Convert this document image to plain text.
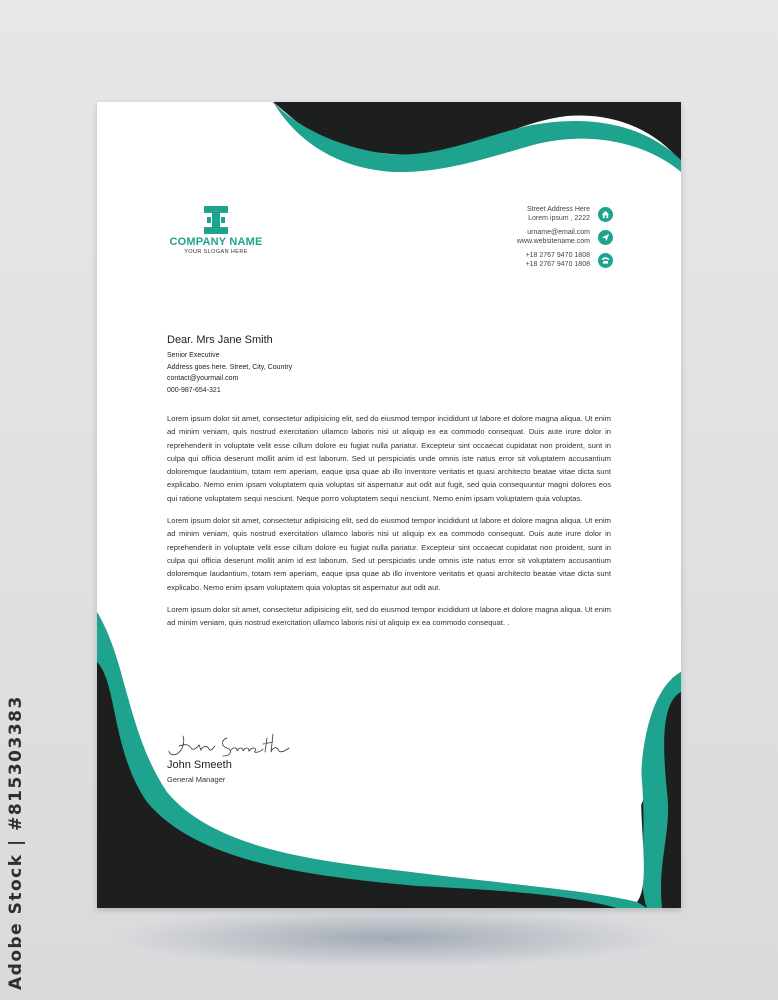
Adobe Stock | #815303383
COMPANY NAME
YOUR SLOGAN HERE
Street Address Here
Lorem ipsum , 2222
urname@email.com
www.websitename.com
+18 2767 9470 1808
+18 2767 9470 1808
Dear. Mrs Jane Smith
Senior Executive
Address goes here. Street, City, Country
contact@yourmail.com
000-987-654-321

Lorem ipsum dolor sit amet, consectetur adipisicing elit, sed do eiusmod tempor incididunt ut labore et dolore magna aliqua. Ut enim ad minim veniam, quis nostrud exercitation ullamco laboris nisi ut aliquip ex ea commodo consequat. Duis aute irure dolor in reprehenderit in voluptate velit esse cillum dolore eu fugiat nulla pariatur. Excepteur sint occaecat cupidatat non proident, sunt in culpa qui officia deserunt mollit anim id est laborum. Sed ut perspiciatis unde omnis iste natus error sit voluptatem accusantium doloremque laudantium, totam rem aperiam, eaque ipsa quae ab illo inventore veritatis et quasi architecto beatae vitae dicta sunt explicabo. Nemo enim ipsam voluptatem quia voluptas sit aspernatur aut odit aut fugit, sed quia consequuntur magni dolores eos qui ratione voluptatem sequi nesciunt. Neque porro voluptatem sequi nesciunt. Nemo enim ipsam voluptatem quia voluptas.

Lorem ipsum dolor sit amet, consectetur adipisicing elit, sed do eiusmod tempor incididunt ut labore et dolore magna aliqua. Ut enim ad minim veniam, quis nostrud exercitation ullamco laboris nisi ut aliquip ex ea commodo consequat. Duis aute irure dolor in reprehenderit in voluptate velit esse cillum dolore eu fugiat nulla pariatur. Excepteur sint occaecat cupidatat non proident, sunt in culpa qui officia deserunt mollit anim id est laborum. Sed ut perspiciatis unde omnis iste natus error sit voluptatem accusantium doloremque laudantium, totam rem aperiam, eaque ipsa quae ab illo inventore veritatis et quasi architecto beatae vitae dicta sunt explicabo. Nemo enim ipsam voluptatem quia voluptas sit aspernatur aut odit aut.

Lorem ipsum dolor sit amet, consectetur adipisicing elit, sed do eiusmod tempor incididunt ut labore et dolore magna aliqua. Ut enim ad minim veniam, quis nostrud exercitation ullamco laboris nisi ut aliquip ex ea commodo consequat. .

John Smeeth
General Manager
